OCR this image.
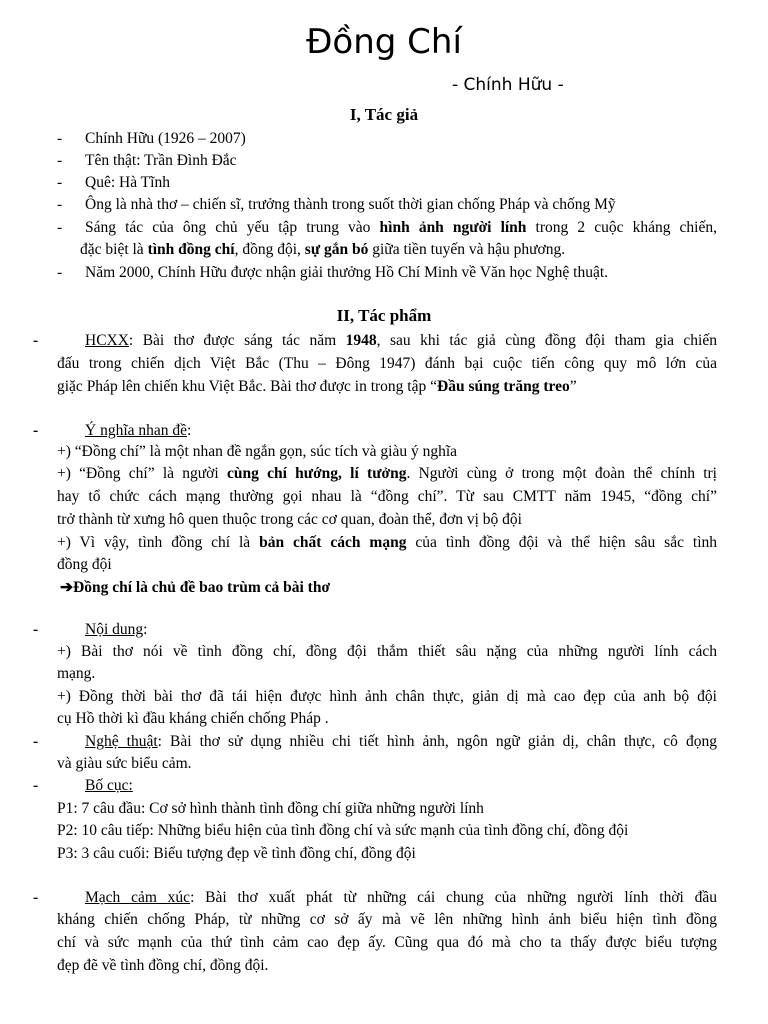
Đồng Chí
- Chính Hữu -
I, Tác giả
- Chính Hữu (1926 – 2007)
- Tên thật: Trần Đình Đắc
- Quê: Hà Tĩnh
- Ông là nhà thơ – chiến sĩ, trưởng thành trong suốt thời gian chống Pháp và chống Mỹ
- Sáng tác của ông chủ yếu tập trung vào hình ảnh người lính trong 2 cuộc kháng chiến,
đặc biệt là tình đồng chí, đồng đội, sự gắn bó giữa tiền tuyến và hậu phương.
- Năm 2000, Chính Hữu được nhận giải thưởng Hồ Chí Minh về Văn học Nghệ thuật.
II, Tác phẩm
-	HCXX: Bài thơ được sáng tác năm 1948, sau khi tác giả cùng đồng đội tham gia chiến
đấu trong chiến dịch Việt Bắc (Thu – Đông 1947) đánh bại cuộc tiến công quy mô lớn của
giặc Pháp lên chiến khu Việt Bắc. Bài thơ được in trong tập “Đầu súng trăng treo”
-	Ý nghĩa nhan đề:
+) “Đồng chí” là một nhan đề ngắn gọn, súc tích và giàu ý nghĩa
+) “Đồng chí” là người cùng chí hướng, lí tưởng. Người cùng ở trong một đoàn thể chính trị
hay tổ chức cách mạng thường gọi nhau là “đồng chí”. Từ sau CMTT năm 1945, “đồng chí”
trở thành từ xưng hô quen thuộc trong các cơ quan, đoàn thể, đơn vị bộ đội
+) Vì vậy, tình đồng chí là bản chất cách mạng của tình đồng đội và thể hiện sâu sắc tình
đồng đội
➔Đồng chí là chủ đề bao trùm cả bài thơ
-	Nội dung:
+) Bài thơ nói về tình đồng chí, đồng đội thắm thiết sâu nặng của những người lính cách
mạng.
+) Đồng thời bài thơ đã tái hiện được hình ảnh chân thực, giản dị mà cao đẹp của anh bộ đội
cụ Hồ thời kì đầu kháng chiến chống Pháp .
-	Nghệ thuật: Bài thơ sử dụng nhiều chi tiết hình ảnh, ngôn ngữ giản dị, chân thực, cô đọng
và giàu sức biểu cảm.
-	Bố cục:
P1: 7 câu đầu: Cơ sở hình thành tình đồng chí giữa những người lính
P2: 10 câu tiếp: Những biểu hiện của tình đồng chí và sức mạnh của tình đồng chí, đồng đội
P3: 3 câu cuối: Biểu tượng đẹp về tình đồng chí, đồng đội
-	Mạch cảm xúc: Bài thơ xuất phát từ những cái chung của những người lính thời đầu
kháng chiến chống Pháp, từ những cơ sở ấy mà vẽ lên những hình ảnh biểu hiện tình đồng
chí và sức mạnh của thứ tình cảm cao đẹp ấy. Cũng qua đó mà cho ta thấy được biểu tượng
đẹp đẽ về tình đồng chí, đồng đội.
